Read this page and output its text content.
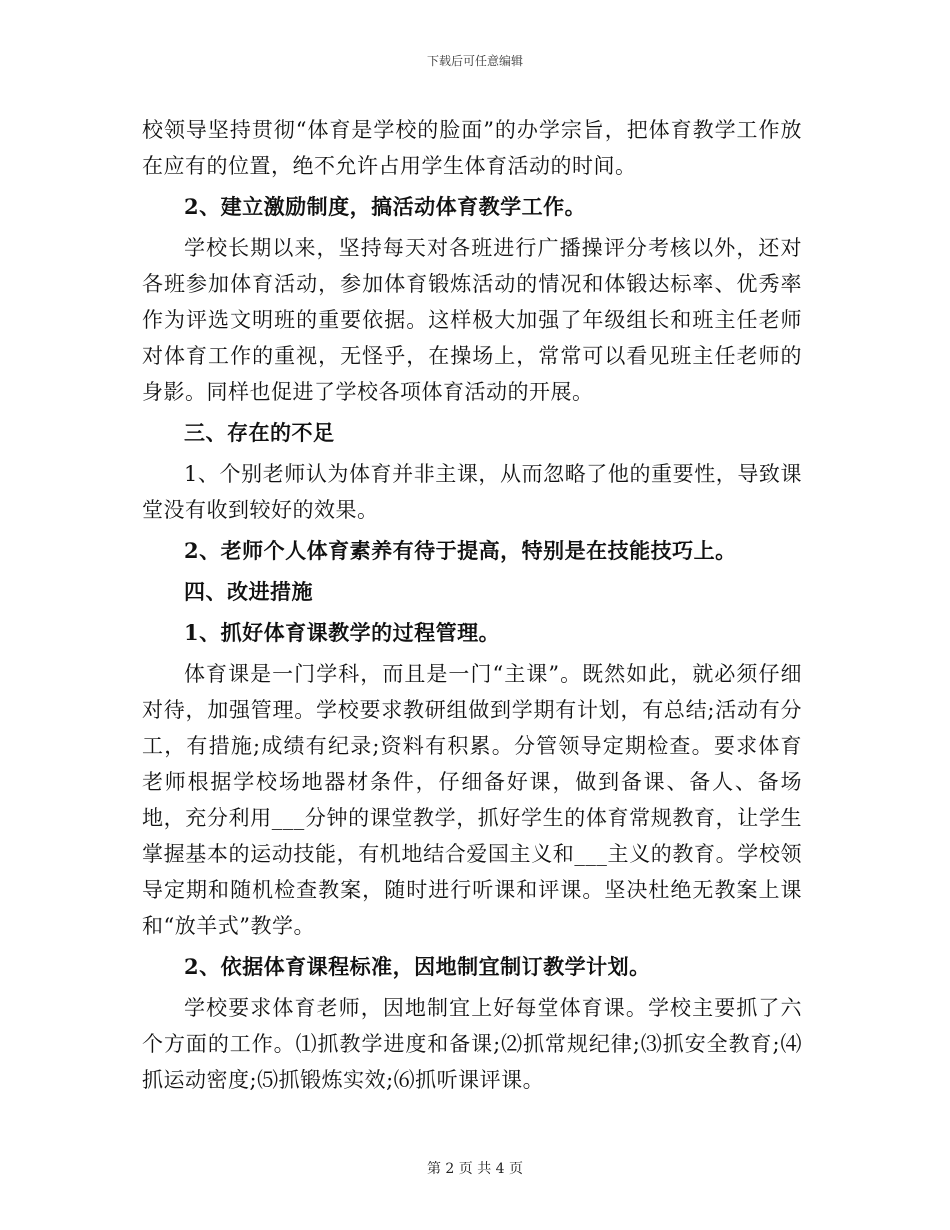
下载后可任意编辑

校领导坚持贯彻“体育是学校的脸面”的办学宗旨，把体育教学工作放在应有的位置，绝不允许占用学生体育活动的时间。

2、建立激励制度，搞活动体育教学工作。

学校长期以来，坚持每天对各班进行广播操评分考核以外，还对各班参加体育活动，参加体育锻炼活动的情况和体锻达标率、优秀率作为评选文明班的重要依据。这样极大加强了年级组长和班主任老师对体育工作的重视，无怪乎，在操场上，常常可以看见班主任老师的身影。同样也促进了学校各项体育活动的开展。

三、存在的不足

1、个别老师认为体育并非主课，从而忽略了他的重要性，导致课堂没有收到较好的效果。

2、老师个人体育素养有待于提高，特别是在技能技巧上。

四、改进措施

1、抓好体育课教学的过程管理。

体育课是一门学科，而且是一门“主课”。既然如此，就必须仔细对待，加强管理。学校要求教研组做到学期有计划，有总结;活动有分工，有措施;成绩有纪录;资料有积累。分管领导定期检查。要求体育老师根据学校场地器材条件，仔细备好课，做到备课、备人、备场地，充分利用___分钟的课堂教学，抓好学生的体育常规教育，让学生掌握基本的运动技能，有机地结合爱国主义和___主义的教育。学校领导定期和随机检查教案，随时进行听课和评课。坚决杜绝无教案上课和“放羊式”教学。

2、依据体育课程标准，因地制宜制订教学计划。

学校要求体育老师，因地制宜上好每堂体育课。学校主要抓了六个方面的工作。⑴抓教学进度和备课;⑵抓常规纪律;⑶抓安全教育;⑷抓运动密度;⑸抓锻炼实效;⑹抓听课评课。

第 2 页 共 4 页
